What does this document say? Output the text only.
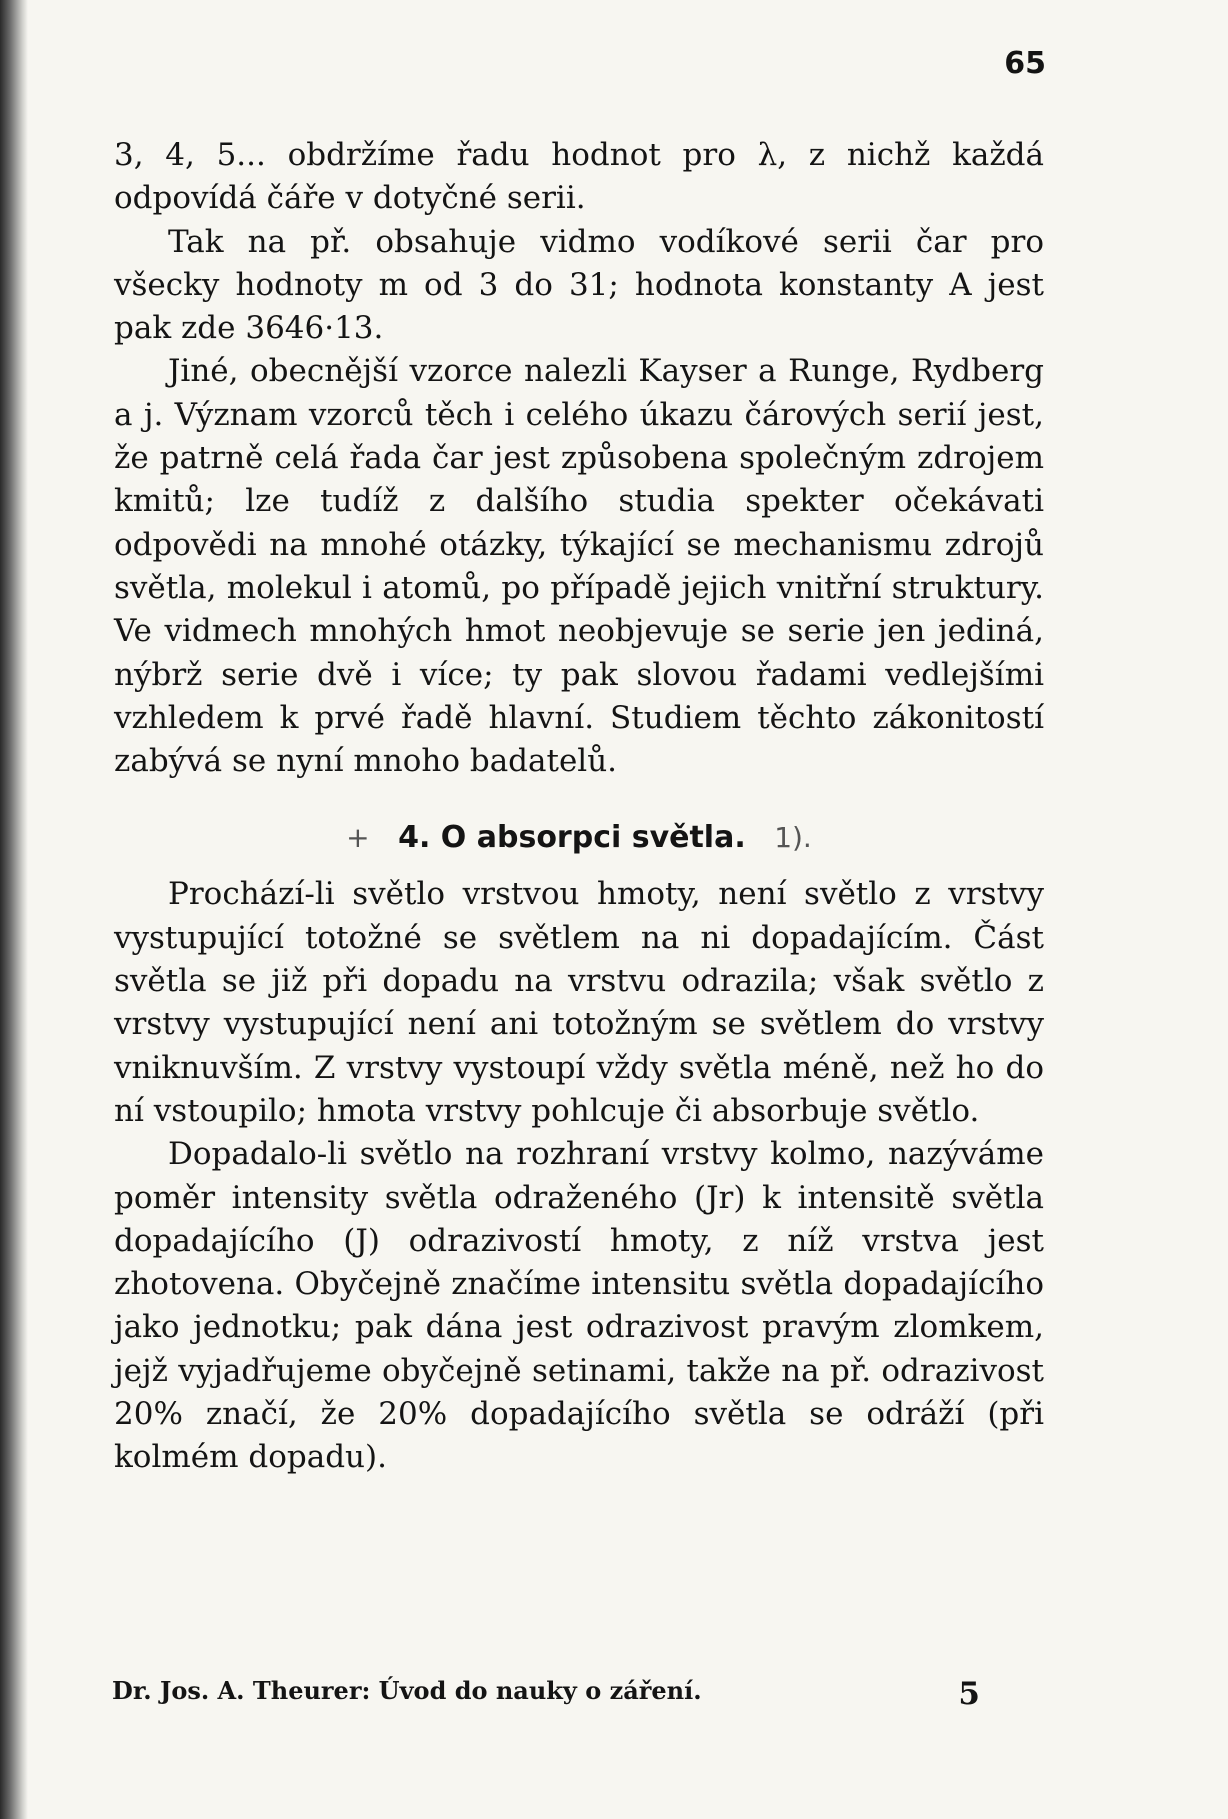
65

3, 4, 5... obdržíme řadu hodnot pro λ, z nichž každá odpovídá čáře v dotyčné serii.

Tak na př. obsahuje vidmo vodíkové serii čar pro všecky hodnoty m od 3 do 31; hodnota konstanty A jest pak zde 3646·13.

Jiné, obecnější vzorce nalezli Kayser a Runge, Rydberg a j. Význam vzorců těch i celého úkazu čárových serií jest, že patrně celá řada čar jest způsobena společným zdrojem kmitů; lze tudíž z dalšího studia spekter očekávati odpovědi na mnohé otázky, týkající se mechanismu zdrojů světla, molekul i atomů, po případě jejich vnitřní struktury. Ve vidmech mnohých hmot neobjevuje se serie jen jediná, nýbrž serie dvě i více; ty pak slovou řadami vedlejšími vzhledem k prvé řadě hlavní. Studiem těchto zákonitostí zabývá se nyní mnoho badatelů.

+ 4. O absorpci světla. 1).

Prochází-li světlo vrstvou hmoty, není světlo z vrstvy vystupující totožné se světlem na ni dopadajícím. Část světla se již při dopadu na vrstvu odrazila; však světlo z vrstvy vystupující není ani totožným se světlem do vrstvy vniknuvším. Z vrstvy vystoupí vždy světla méně, než ho do ní vstoupilo; hmota vrstvy pohlcuje či absorbuje světlo.

Dopadalo-li světlo na rozhraní vrstvy kolmo, nazýváme poměr intensity světla odraženého (Jr) k intensitě světla dopadajícího (J) odrazivostí hmoty, z níž vrstva jest zhotovena. Obyčejně značíme intensitu světla dopadajícího jako jednotku; pak dána jest odrazivost pravým zlomkem, jejž vyjadřujeme obyčejně setinami, takže na př. odrazivost 20% značí, že 20% dopadajícího světla se odráží (při kolmém dopadu).

Dr. Jos. A. Theurer: Úvod do nauky o záření.	5
